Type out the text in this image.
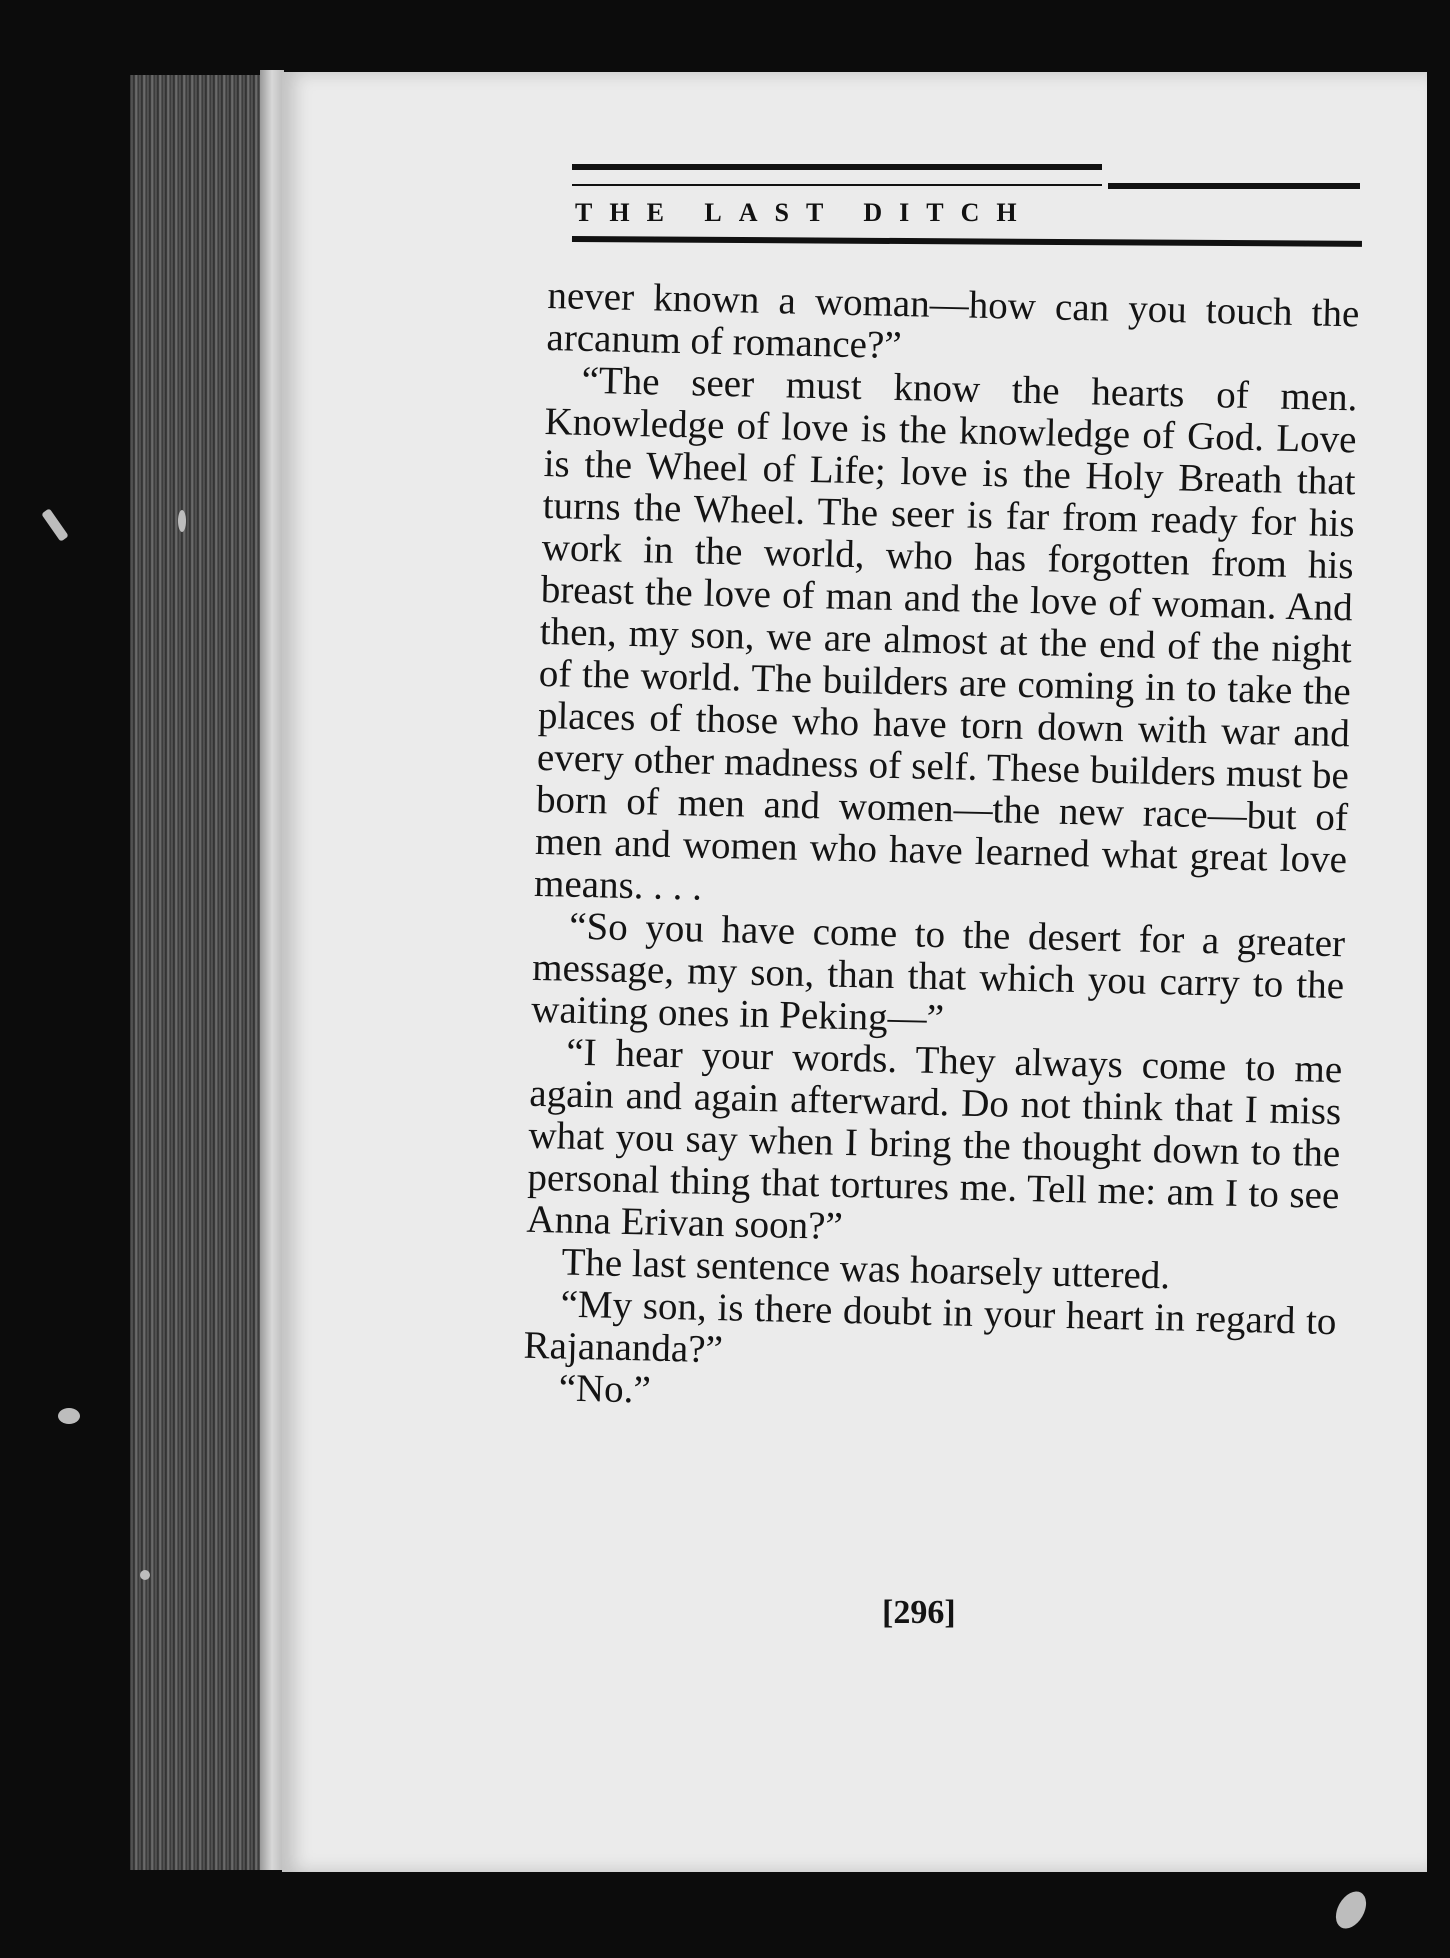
THE LAST DITCH

never known a woman—how can you touch the arcanum of romance?”

“The seer must know the hearts of men. Knowledge of love is the knowledge of God. Love is the Wheel of Life; love is the Holy Breath that turns the Wheel. The seer is far from ready for his work in the world, who has forgotten from his breast the love of man and the love of woman. And then, my son, we are almost at the end of the night of the world. The builders are coming in to take the places of those who have torn down with war and every other madness of self. These builders must be born of men and women—the new race—but of men and women who have learned what great love means. . . .

“So you have come to the desert for a greater message, my son, than that which you carry to the waiting ones in Peking—”

“I hear your words. They always come to me again and again afterward. Do not think that I miss what you say when I bring the thought down to the personal thing that tortures me. Tell me: am I to see Anna Erivan soon?”

The last sentence was hoarsely uttered.

“My son, is there doubt in your heart in regard to Rajananda?”

“No.”

[296]
